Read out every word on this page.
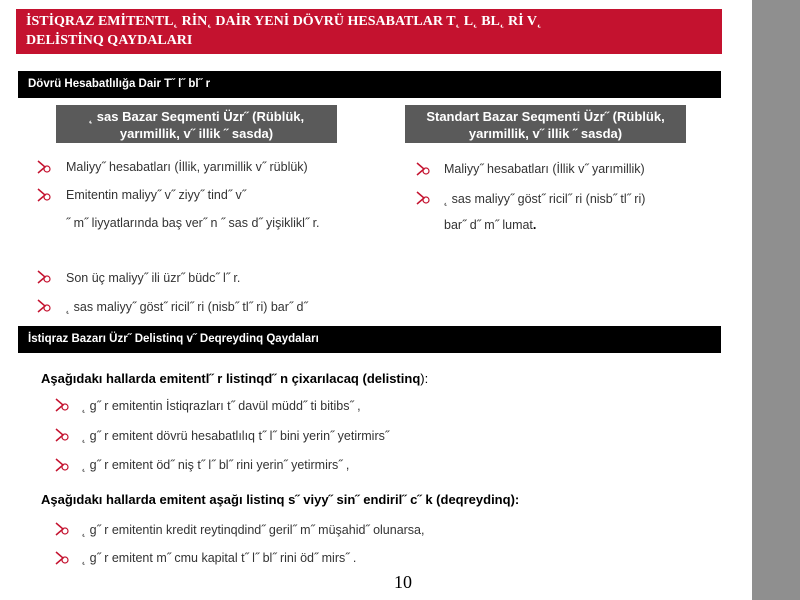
İSTİQRAZ EMİTENTL˛ RİN˛ DAİR YENİ DÖVRÜ HESABATLAR T˛ L˛ BL˛ Rİ V˛
DELİSTİNQ QAYDALARI
Dövrü Hesabatlılığa Dair T˝ l˝ bl˝ r
˛ sas Bazar Seqmenti Üzr˝ (Rüblük,
yarımillik, v˝ illik ˝ sasda)
Standart Bazar Seqmenti Üzr˝ (Rüblük,
yarımillik, v˝ illik ˝ sasda)
Maliyy˝ hesabatları (İllik, yarımillik v˝ rüblük)
Emitentin maliyy˝ v˝ ziyy˝ tind˝ v˝
˝ m˝ liyyatlarında baş ver˝ n ˝ sas d˝ yişiklikl˝ r.
Son üç maliyy˝ ili üzr˝ büdc˝ l˝ r.
˛ sas maliyy˝ göst˝ ricil˝ ri (nisb˝ tl˝ ri) bar˝ d˝
Maliyy˝ hesabatları (İllik v˝ yarımillik)
˛ sas maliyy˝ göst˝ ricil˝ ri (nisb˝ tl˝ ri)
bar˝ d˝ m˝ lumat.
İstiqraz Bazarı Üzr˝ Delistinq v˝ Deqreydinq Qaydaları
Aşağıdakı hallarda emitentl˝ r listinqd˝ n çixarılacaq (delistinq):
˛ g˝ r emitentin İstiqrazları t˝ davül müdd˝ ti bitibs˝ ,
˛ g˝ r emitent dövrü hesabatlılıq t˝ l˝ bini yerin˝ yetirmirs˝
˛ g˝ r emitent öd˝ niş t˝ l˝ bl˝ rini yerin˝ yetirmirs˝ ,
Aşağıdakı hallarda emitent aşağı listinq s˝ viyy˝ sin˝ endiril˝ c˝ k (deqreydinq):
˛ g˝ r emitentin kredit reytinqdind˝ geril˝ m˝ müşahid˝ olunarsa,
˛ g˝ r emitent m˝ cmu kapital t˝ l˝ bl˝ rini öd˝ mirs˝ .
10
